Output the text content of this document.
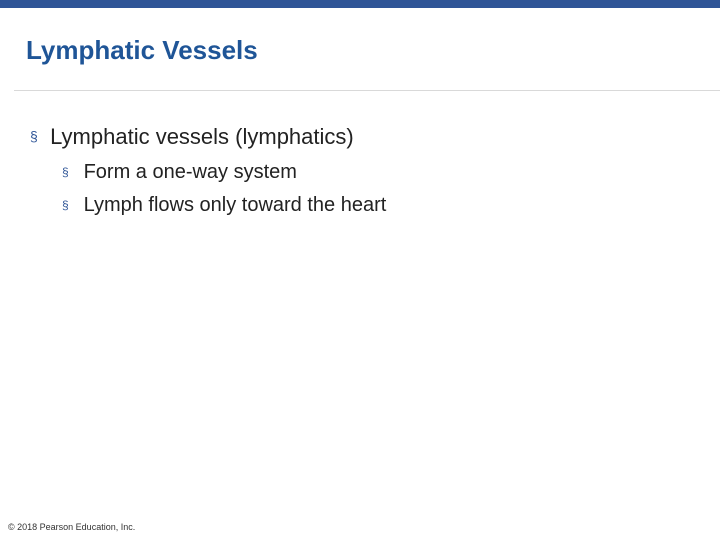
Lymphatic Vessels
§ Lymphatic vessels (lymphatics)
§ Form a one-way system
§ Lymph flows only toward the heart
© 2018 Pearson Education, Inc.
